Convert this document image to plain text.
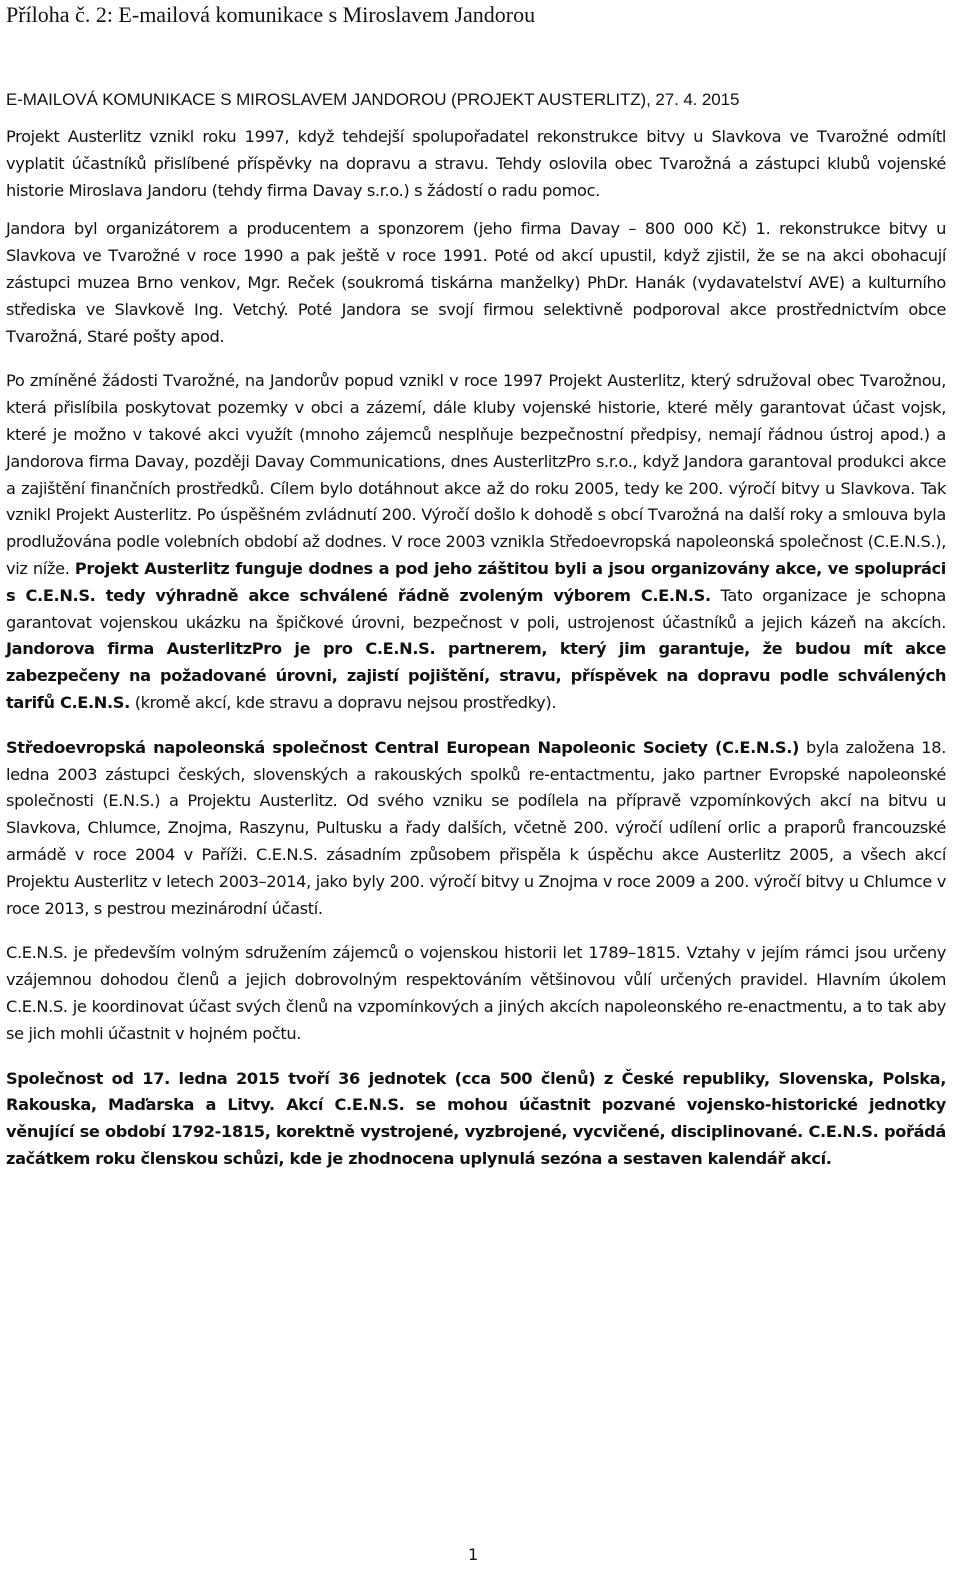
Příloha č. 2: E-mailová komunikace s Miroslavem Jandorou
E-MAILOVÁ KOMUNIKACE S MIROSLAVEM JANDOROU (PROJEKT AUSTERLITZ), 27. 4. 2015

Projekt Austerlitz vznikl roku 1997, když tehdejší spolupořadatel rekonstrukce bitvy u Slavkova ve Tvarožné odmítl vyplatit účastníků přislíbené příspěvky na dopravu a stravu. Tehdy oslovila obec Tvarožná a zástupci klubů vojenské historie Miroslava Jandoru (tehdy firma Davay s.r.o.) s žádostí o radu pomoc.

Jandora byl organizátorem a producentem a sponzorem (jeho firma Davay – 800 000 Kč) 1. rekonstrukce bitvy u Slavkova ve Tvarožné v roce 1990 a pak ještě v roce 1991. Poté od akcí upustil, když zjistil, že se na akci obohacují zástupci muzea Brno venkov, Mgr. Reček (soukromá tiskárna manželky) PhDr. Hanák (vydavatelství AVE) a kulturního střediska ve Slavkově Ing. Vetchý. Poté Jandora se svojí firmou selektivně podporoval akce prostřednictvím obce Tvarožná, Staré pošty apod.

Po zmíněné žádosti Tvarožné, na Jandorův popud vznikl v roce 1997 Projekt Austerlitz, který sdružoval obec Tvarožnou, která přislíbila poskytovat pozemky v obci a zázemí, dále kluby vojenské historie, které měly garantovat účast vojsk, které je možno v takové akci využít (mnoho zájemců nesplňuje bezpečnostní předpisy, nemají řádnou ústroj apod.) a Jandorova firma Davay, později Davay Communications, dnes AusterlitzPro s.r.o., když Jandora garantoval produkci akce a zajištění finančních prostředků. Cílem bylo dotáhnout akce až do roku 2005, tedy ke 200. výročí bitvy u Slavkova. Tak vznikl Projekt Austerlitz. Po úspěšném zvládnutí 200. Výročí došlo k dohodě s obcí Tvarožná na další roky a smlouva byla prodlužována podle volebních období až dodnes. V roce 2003 vznikla Středoevropská napoleonská společnost (C.E.N.S.), viz níže. Projekt Austerlitz funguje dodnes a pod jeho záštitou byli a jsou organizovány akce, ve spolupráci s C.E.N.S. tedy výhradně akce schválené řádně zvoleným výborem C.E.N.S. Tato organizace je schopna garantovat vojenskou ukázku na špičkové úrovni, bezpečnost v poli, ustrojenost účastníků a jejich kázeň na akcích. Jandorova firma AusterlitzPro je pro C.E.N.S. partnerem, který jim garantuje, že budou mít akce zabezpečeny na požadované úrovni, zajistí pojištění, stravu, příspěvek na dopravu podle schválených tarifů C.E.N.S. (kromě akcí, kde stravu a dopravu nejsou prostředky).

Středoevropská napoleonská společnost Central European Napoleonic Society (C.E.N.S.) byla založena 18. ledna 2003 zástupci českých, slovenských a rakouských spolků re-entactmentu, jako partner Evropské napoleonské společnosti (E.N.S.) a Projektu Austerlitz. Od svého vzniku se podílela na přípravě vzpomínkových akcí na bitvu u Slavkova, Chlumce, Znojma, Raszynu, Pultusku a řady dalších, včetně 200. výročí udílení orlic a praporů francouzské armádě v roce 2004 v Paříži. C.E.N.S. zásadním způsobem přispěla k úspěchu akce Austerlitz 2005, a všech akcí Projektu Austerlitz v letech 2003–2014, jako byly 200. výročí bitvy u Znojma v roce 2009 a 200. výročí bitvy u Chlumce v roce 2013, s pestrou mezinárodní účastí.

C.E.N.S. je především volným sdružením zájemců o vojenskou historii let 1789–1815. Vztahy v jejím rámci jsou určeny vzájemnou dohodou členů a jejich dobrovolným respektováním většinovou vůlí určených pravidel. Hlavním úkolem C.E.N.S. je koordinovat účast svých členů na vzpomínkových a jiných akcích napoleonského re-enactmentu, a to tak aby se jich mohli účastnit v hojném počtu.

Společnost od 17. ledna 2015 tvoří 36 jednotek (cca 500 členů) z České republiky, Slovenska, Polska, Rakouska, Maďarska a Litvy. Akcí C.E.N.S. se mohou účastnit pozvané vojensko-historické jednotky věnující se období 1792-1815, korektně vystrojené, vyzbrojené, vycvičené, disciplinované. C.E.N.S. pořádá začátkem roku členskou schůzi, kde je zhodnocena uplynulá sezóna a sestaven kalendář akcí.

1
